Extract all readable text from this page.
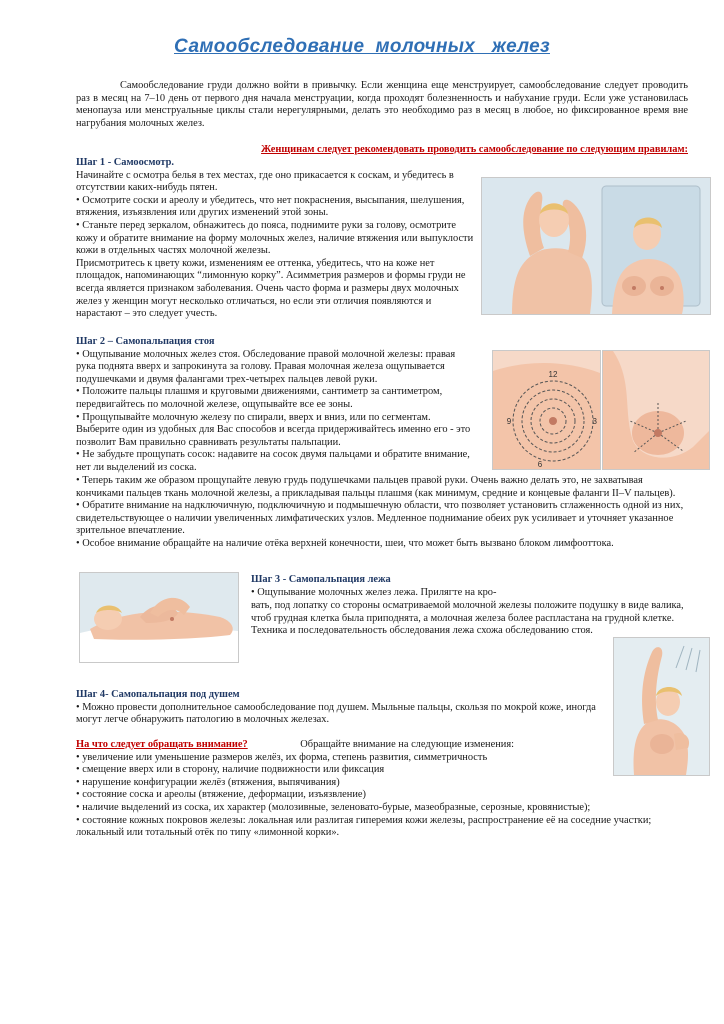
Самообследование  молочных   желез

Самообследование груди должно войти в привычку. Если женщина еще менструирует, самообследование следует проводить раз в месяц на 7–10 день от первого дня начала менструации, когда проходят болезненность и набухание груди. Если уже установилась менопауза или менструальные циклы стали нерегулярными, делать это необходимо раз в месяц в любое, но фиксированное время вне нагрубания молочных желез.

Женщинам следует рекомендовать проводить самообследование по следующим правилам:

Шаг 1 - Самоосмотр.

Начинайте с осмотра белья в тех местах, где оно прикасается к соскам, и убедитесь в отсутствии каких-нибудь пятен.

• Осмотрите соски и ареолу и убедитесь, что нет покраснения, высыпания, шелушения, втяжения, изъязвления или других изменений этой зоны.

• Станьте перед зеркалом, обнажитесь до пояса, поднимите руки за голову, осмотрите кожу и обратите внимание на форму молочных желез, наличие втяжения или выпуклости кожи в отдельных частях молочной железы.

Присмотритесь к цвету кожи, изменениям ее оттенка, убедитесь, что на коже нет площадок, напоминающих “лимонную корку”. Асимметрия размеров и формы груди не всегда является признаком заболевания. Очень часто форма и размеры двух молочных желез у женщин могут несколько отличаться, но если эти отличия появляются и нарастают – это следует учесть.

Шаг 2 – Самопальпация стоя

• Ощупывание молочных желез стоя. Обследование правой молочной железы: правая рука поднята вверх и запрокинута за голову. Правая молочная железа ощупывается подушечками и двумя фалангами трех-четырех пальцев левой руки.

• Положите пальцы плашмя и круговыми движениями, сантиметр за сантиметром, передвигайтесь по молочной железе, ощупывайте все ее зоны.

• Прощупывайте молочную железу по спирали, вверх и вниз, или по сегментам. Выберите один из удобных для Вас способов и всегда придерживайтесь именно его - это позволит Вам правильно сравнивать результаты пальпации.

• Не забудьте прощупать сосок: надавите на сосок двумя пальцами и обратите внимание, нет ли выделений из соска.

• Теперь таким же образом прощупайте левую грудь подушечками пальцев правой руки. Очень важно делать это, не захватывая кончиками пальцев ткань молочной железы, а прикладывая пальцы плашмя (как минимум, средние и концевые фаланги II–V пальцев).

• Обратите внимание на надключичную, подключичную и подмышечную области, что позволяет установить сглаженность одной из них, свидетельствующее о наличии увеличенных лимфатических узлов. Медленное поднимание обеих рук усиливает и уточняет указанное зрительное впечатление.

• Особое внимание обращайте на наличие отёка верхней конечности, шеи, что может быть вызвано блоком лимфооттока.

12
3
6
9

Шаг 3 - Самопальпация лежа

• Ощупывание молочных желез лежа. Прилягте на кро-

вать, под лопатку со стороны осматриваемой молочной железы положите подушку в виде валика, чтоб грудная клетка была приподнята, а молочная железа более распластана на грудной клетке. Техника и последовательность обследования лежа схожа обследованию стоя.

Шаг 4- Самопальпация под душем

• Можно провести дополнительное самообследование под душем. Мыльные пальцы, скользя по мокрой коже, иногда могут легче обнаружить патологию в молочных железах.

На что следует обращать внимание?	Обращайте внимание на следующие изменения:

• увеличение или уменьшение размеров желёз, их форма, степень развития, симметричность

• смещение вверх или в сторону, наличие подвижности или фиксация

• нарушение конфигурации желёз (втяжения, выпячивания)

• состояние соска и ареолы (втяжение, деформации, изъязвление)

• наличие выделений из соска, их характер (молозивные, зеленовато-бурые, мазеобразные, серозные, кровянистые);

• состояние кожных покровов железы: локальная или разлитая гиперемия кожи железы, распространение её на соседние участки; локальный или тотальный отёк по типу «лимонной корки».
